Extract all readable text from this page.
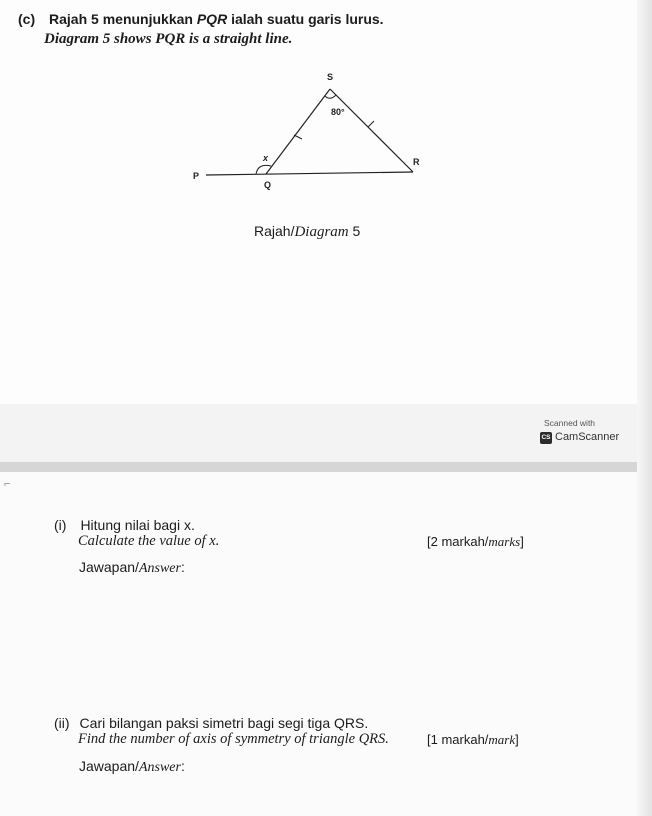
(c) Rajah 5 menunjukkan PQR ialah suatu garis lurus.
Diagram 5 shows PQR is a straight line.
S
80°
x
P
Q
R
Rajah/Diagram 5
Scanned with
CS CamScanner
⌐
(i) Hitung nilai bagi x.
Calculate the value of x.	[2 markah/marks]
Jawapan/Answer:
(ii) Cari bilangan paksi simetri bagi segi tiga QRS.
Find the number of axis of symmetry of triangle QRS.	[1 markah/mark]
Jawapan/Answer:
